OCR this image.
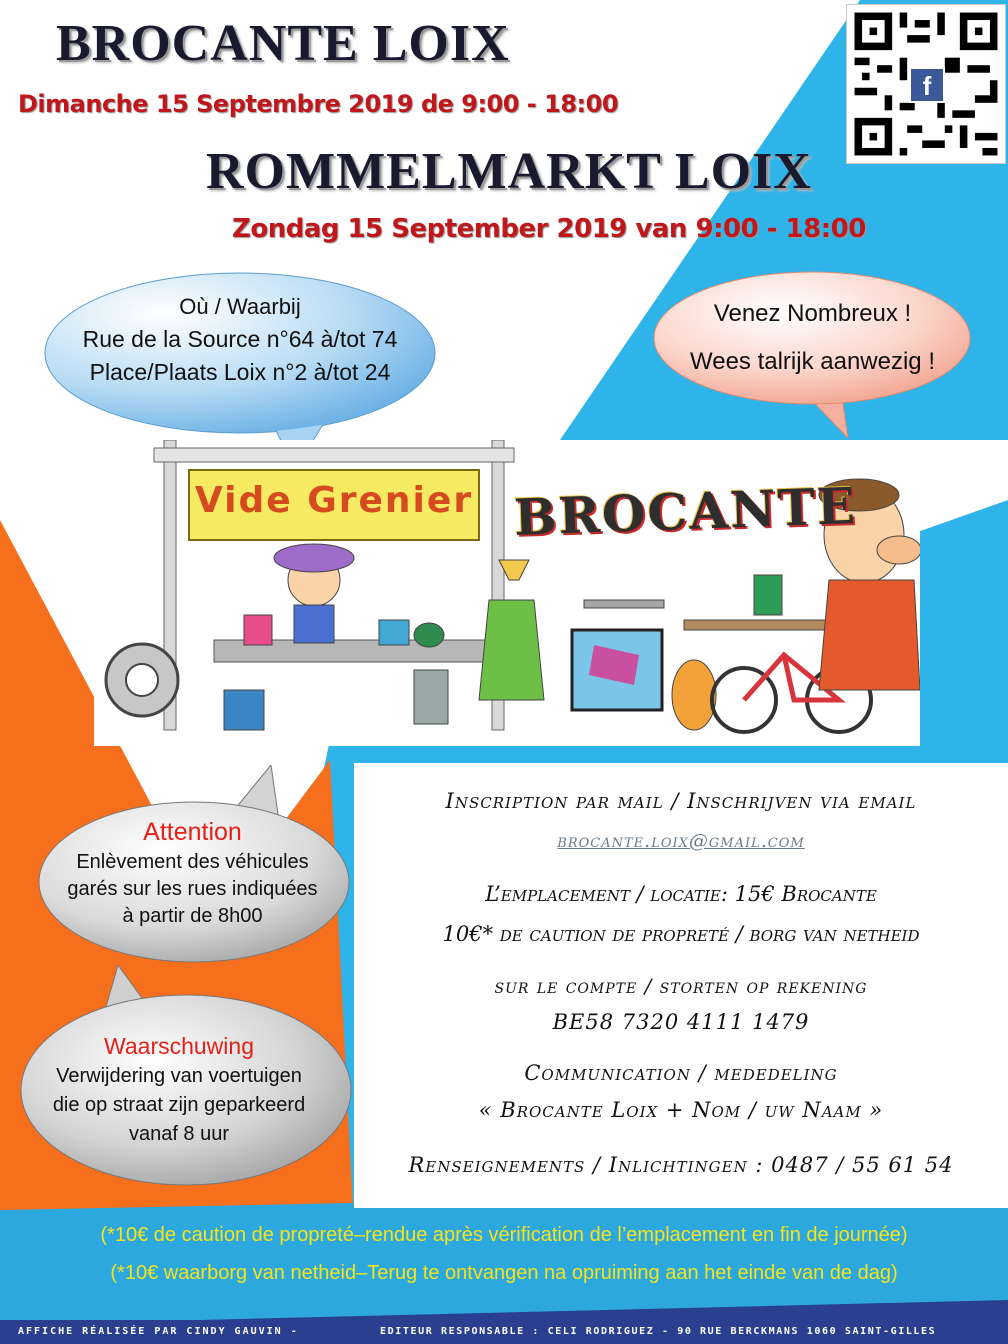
BROCANTE LOIX
Dimanche 15 Septembre 2019 de 9:00 - 18:00
ROMMELMARKT LOIX
Zondag 15 September 2019 van 9:00 - 18:00
f
Où / Waarbij
Rue de la Source n°64 à/tot 74
Place/Plaats Loix n°2 à/tot 24
Venez Nombreux !
Wees talrijk aanwezig !
Vide Grenier BROCANTE
Attention
Enlèvement des véhicules
garés sur les rues indiquées
à partir de 8h00
Waarschuwing
Verwijdering van voertuigen
die op straat zijn geparkeerd
vanaf 8 uur
Inscription par mail / Inschrijven via email
brocante.loix@gmail.com
L’emplacement / locatie: 15€ Brocante
10€* de caution de propreté / borg van netheid
sur le compte / storten op rekening
BE58 7320 4111 1479
Communication / mededeling
« Brocante Loix + Nom / uw Naam »
Renseignements / Inlichtingen : 0487 / 55 61 54
(*10€ de caution de propreté–rendue après vérification de l’emplacement en fin de journée)
(*10€ waarborg van netheid–Terug te ontvangen na opruiming aan het einde van de dag)
AFFICHE RÉALISÉE PAR CINDY GAUVIN -	EDITEUR RESPONSABLE : CELI RODRIGUEZ - 90 RUE BERCKMANS 1060 SAINT-GILLES
